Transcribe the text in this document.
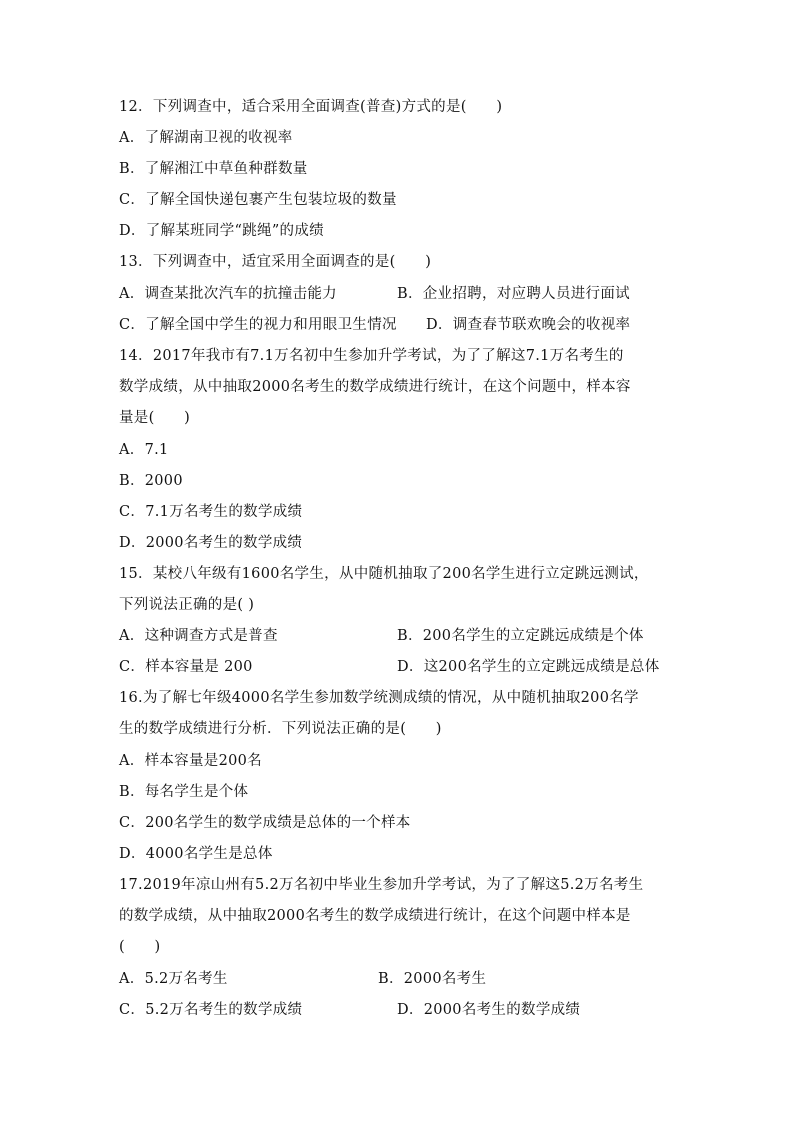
12．下列调查中，适合采用全面调查(普查)方式的是(　　)
A．了解湖南卫视的收视率
B．了解湘江中草鱼种群数量
C．了解全国快递包裹产生包装垃圾的数量
D．了解某班同学“跳绳”的成绩
13．下列调查中，适宜采用全面调查的是(　　)
A．调查某批次汽车的抗撞击能力	B．企业招聘，对应聘人员进行面试
C．了解全国中学生的视力和用眼卫生情况 D．调查春节联欢晚会的收视率
14．2017年我市有7.1万名初中生参加升学考试，为了了解这7.1万名考生的
数学成绩，从中抽取2000名考生的数学成绩进行统计，在这个问题中，样本容
量是(　　)
A．7.1
B．2000
C．7.1万名考生的数学成绩
D．2000名考生的数学成绩
15．某校八年级有1600名学生，从中随机抽取了200名学生进行立定跳远测试，
下列说法正确的是( )
A．这种调查方式是普查	B．200名学生的立定跳远成绩是个体
C．样本容量是 200	D．这200名学生的立定跳远成绩是总体
16.为了解七年级4000名学生参加数学统测成绩的情况，从中随机抽取200名学
生的数学成绩进行分析．下列说法正确的是(　　)
A．样本容量是200名
B．每名学生是个体
C．200名学生的数学成绩是总体的一个样本
D．4000名学生是总体
17.2019年凉山州有5.2万名初中毕业生参加升学考试，为了了解这5.2万名考生
的数学成绩，从中抽取2000名考生的数学成绩进行统计，在这个问题中样本是
(　　)
A．5.2万名考生	B．2000名考生
C．5.2万名考生的数学成绩	D．2000名考生的数学成绩
